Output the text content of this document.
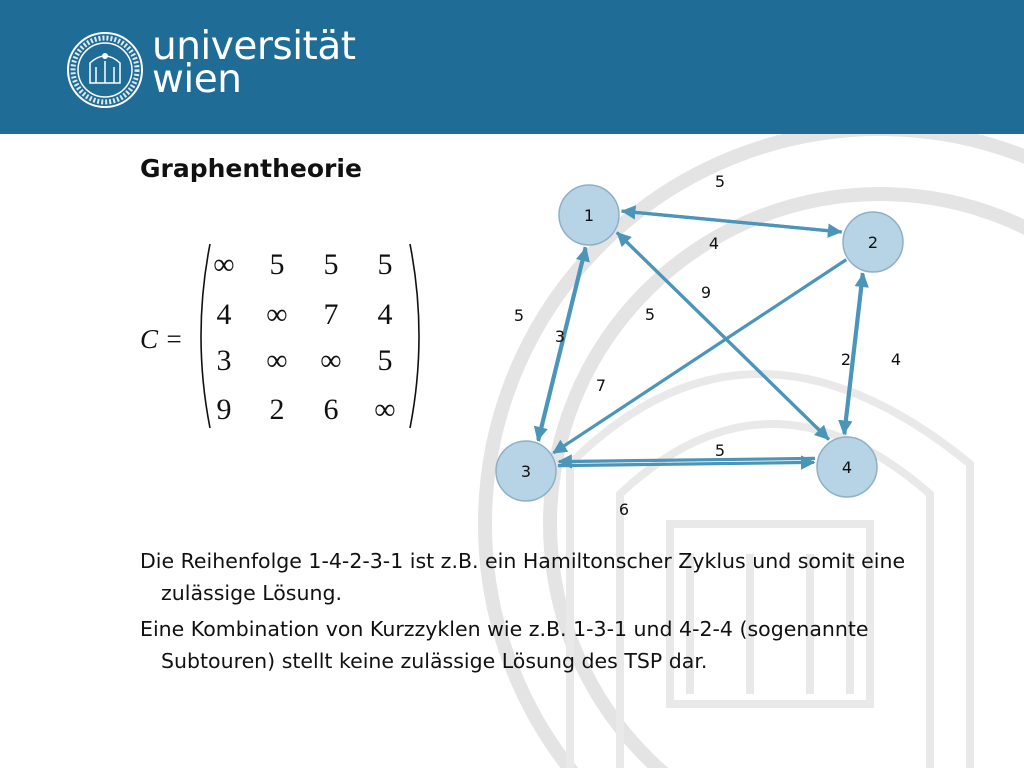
universität
wien
Graphentheorie
C =
∞ 5 5 5
4 ∞ 7 4
3 ∞ ∞ 5
9 2 6 ∞
5
4
5
3
5
9
7
4
2
5
6
1
2
3	4

Die Reihenfolge 1-4-2-3-1 ist z.B. ein Hamiltonscher Zyklus und somit eine zulässige Lösung.

Eine Kombination von Kurzzyklen wie z.B. 1-3-1 und 4-2-4 (sogenannte Subtouren) stellt keine zulässige Lösung des TSP dar.
